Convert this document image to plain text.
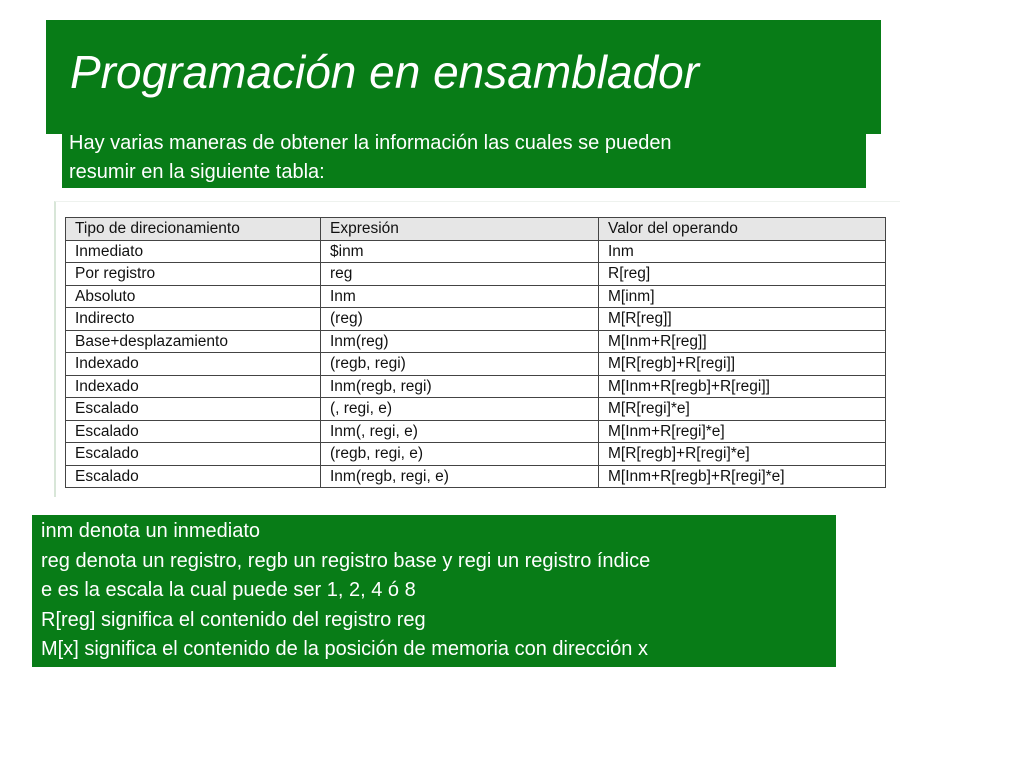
Programación en ensamblador
Hay varias maneras de obtener la información las cuales se pueden
resumir en la siguiente tabla:
Tipo de direcionamiento	Expresión	Valor del operando
Inmediato	$inm	Inm
Por registro	reg	R[reg]
Absoluto	Inm	M[inm]
Indirecto	(reg)	M[R[reg]]
Base+desplazamiento	Inm(reg)	M[Inm+R[reg]]
Indexado	(regb, regi)	M[R[regb]+R[regi]]
Indexado	Inm(regb, regi)	M[Inm+R[regb]+R[regi]]
Escalado	(, regi, e)	M[R[regi]*e]
Escalado	Inm(, regi, e)	M[Inm+R[regi]*e]
Escalado	(regb, regi, e)	M[R[regb]+R[regi]*e]
Escalado	Inm(regb, regi, e)	M[Inm+R[regb]+R[regi]*e]
inm denota un inmediato
reg denota un registro, regb un registro base y regi un registro índice
e es la escala la cual puede ser 1, 2, 4 ó 8
R[reg] significa el contenido del registro reg
M[x] significa el contenido de la posición de memoria con dirección x
